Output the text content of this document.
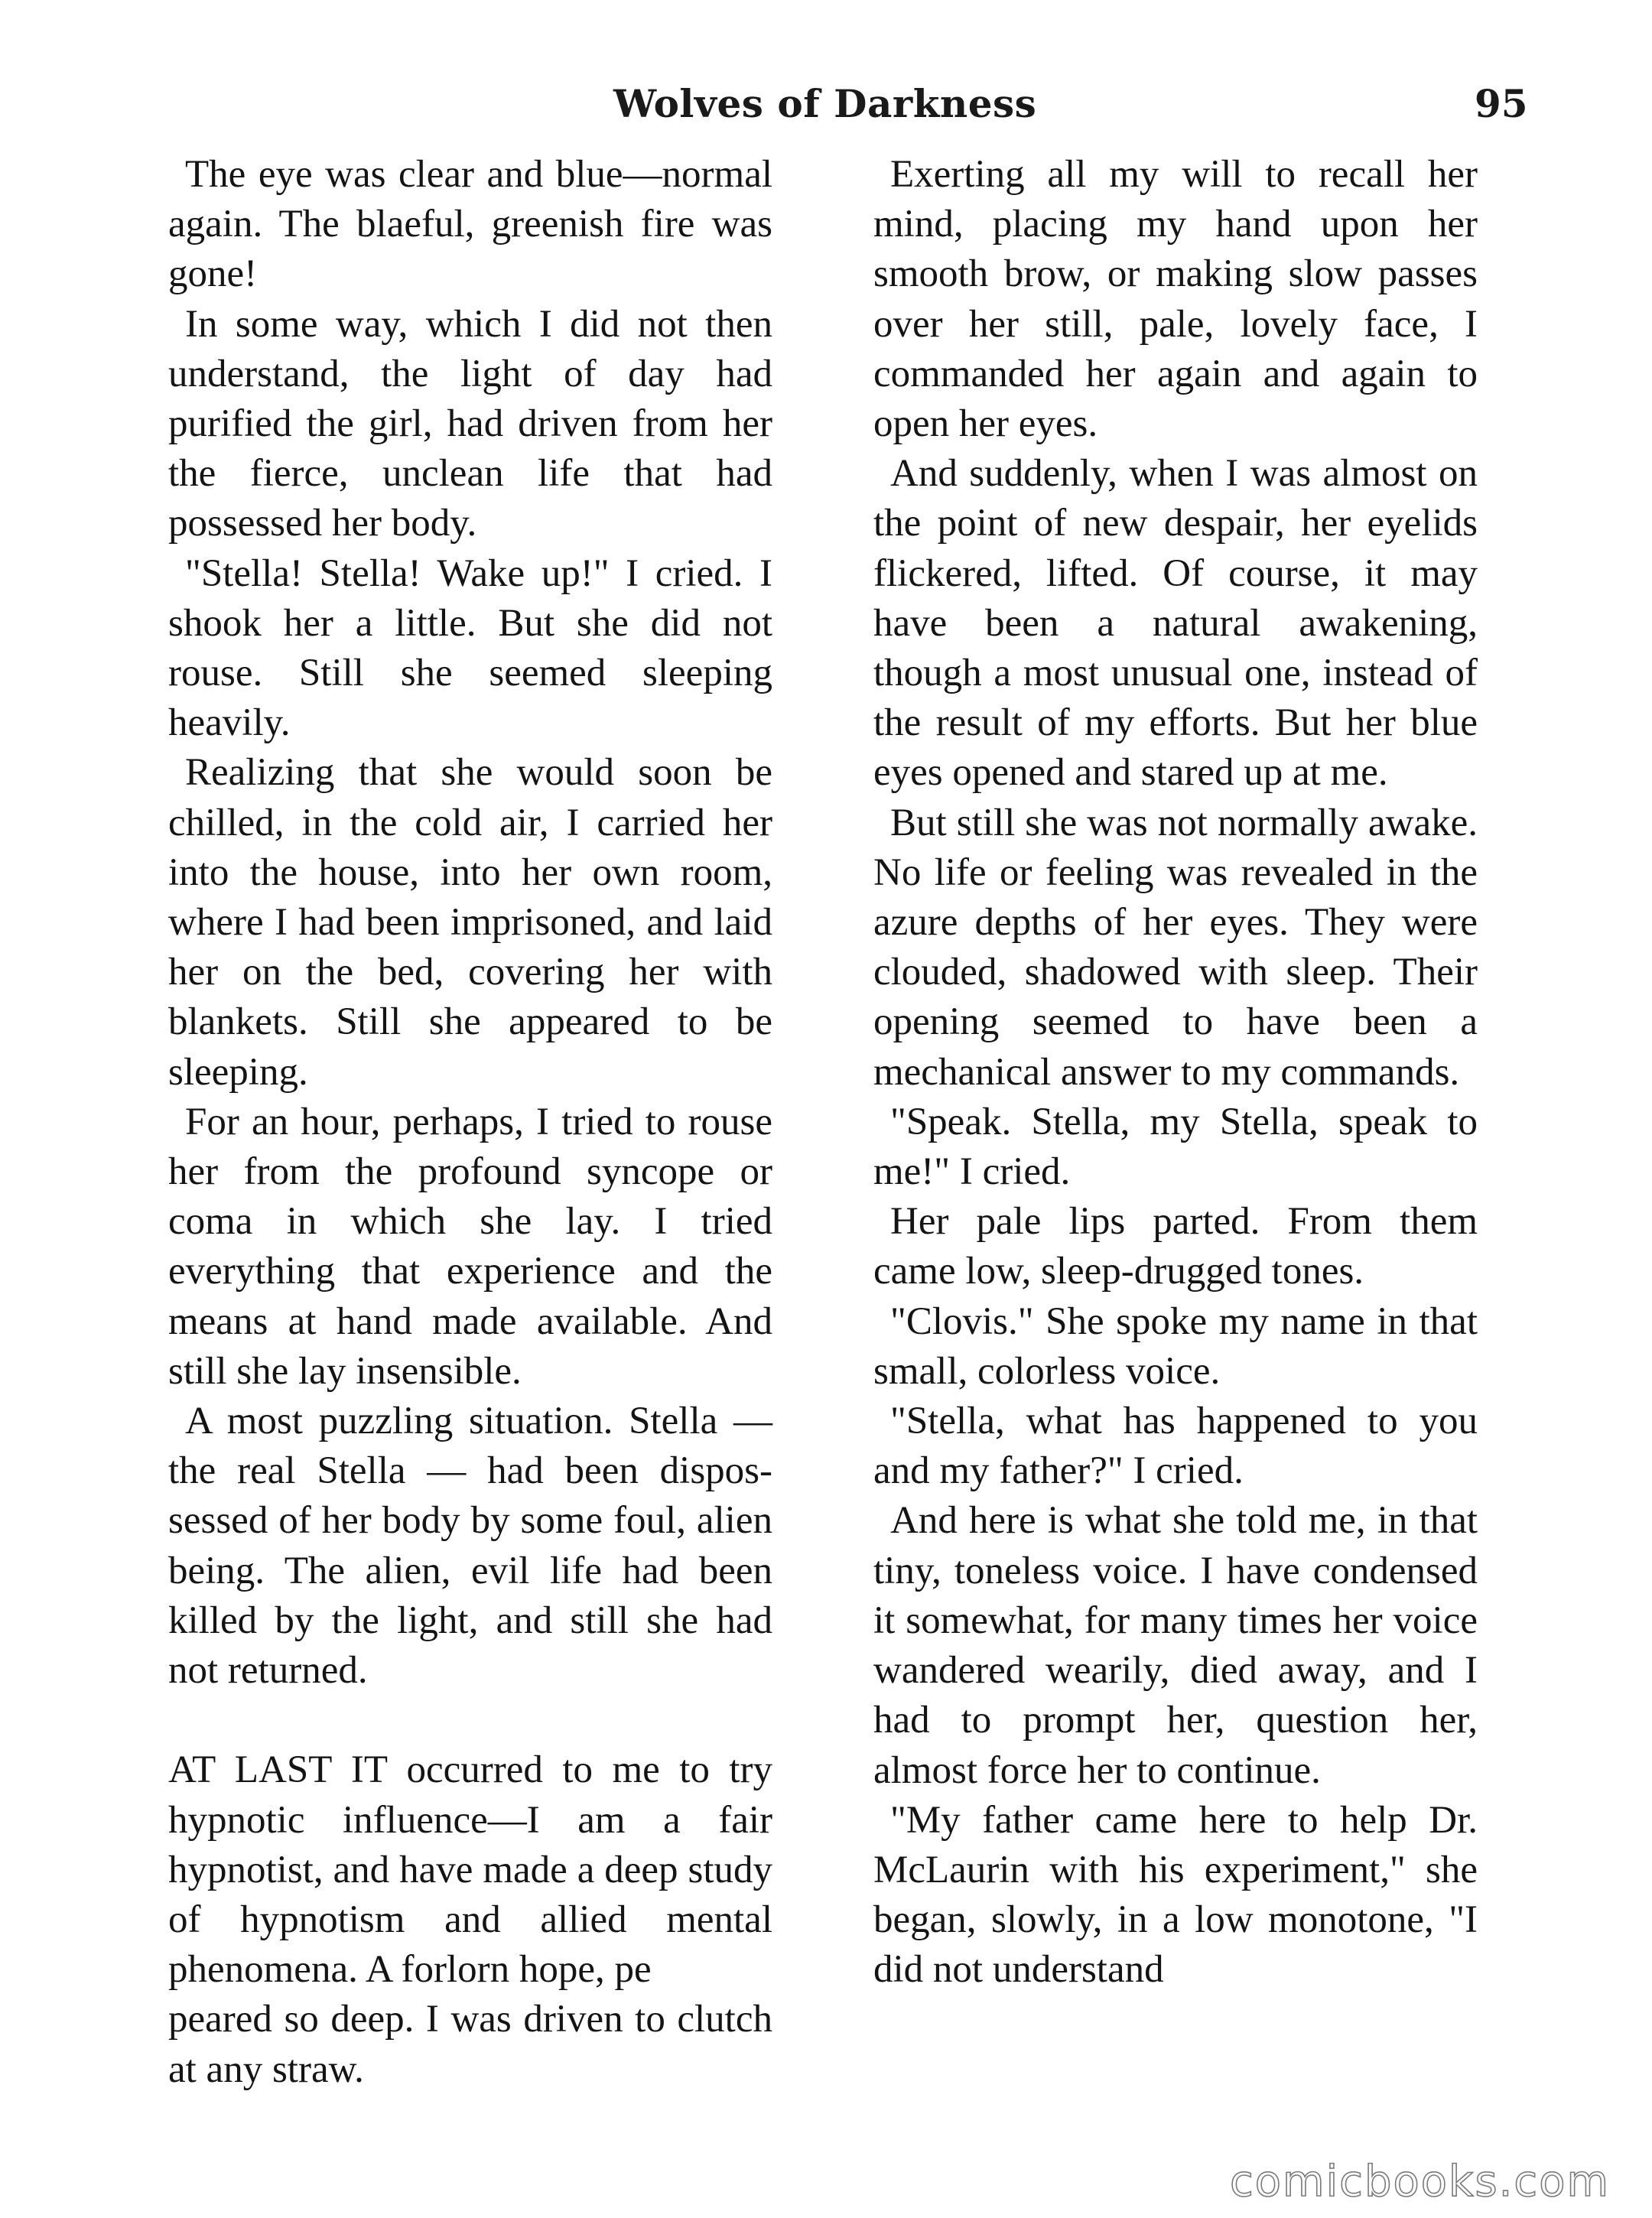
Wolves of Darkness	95

The eye was clear and blue—normal again. The blaeful, greenish fire was gone!

In some way, which I did not then understand, the light of day had purified the girl, had driven from her the fierce, unclean life that had possessed her body.

"Stella! Stella! Wake up!" I cried. I shook her a little. But she did not rouse. Still she seemed sleeping heavily.

Realizing that she would soon be chilled, in the cold air, I carried her into the house, into her own room, where I had been imprisoned, and laid her on the bed, covering her with blankets. Still she appeared to be sleeping.

For an hour, perhaps, I tried to rouse her from the profound syncope or coma in which she lay. I tried everything that experience and the means at hand made available. And still she lay insensible.

A most puzzling situation. Stella — the real Stella — had been dispossessed of her body by some foul, alien being. The alien, evil life had been killed by the light, and still she had not returned.

AT LAST IT occurred to me to try hypnotic influence—I am a fair hypnotist, and have made a deep study of hypnotism and allied mental phenomena. A forlorn hope, pe

peared so deep. I was driven to clutch at any straw.

Exerting all my will to recall her mind, placing my hand upon her smooth brow, or making slow passes over her still, pale, lovely face, I commanded her again and again to open her eyes.

And suddenly, when I was almost on the point of new despair, her eyelids flickered, lifted. Of course, it may have been a natural awakening, though a most unusual one, instead of the result of my efforts. But her blue eyes opened and stared up at me.

But still she was not normally awake. No life or feeling was revealed in the azure depths of her eyes. They were clouded, shadowed with sleep. Their opening seemed to have been a mechanical answer to my commands.

"Speak. Stella, my Stella, speak to me!" I cried.

Her pale lips parted. From them came low, sleep-drugged tones.

"Clovis." She spoke my name in that small, colorless voice.

"Stella, what has happened to you and my father?" I cried.

And here is what she told me, in that tiny, toneless voice. I have condensed it somewhat, for many times her voice wandered wearily, died away, and I had to prompt her, question her, almost force her to continue.

"My father came here to help Dr. McLaurin with his experiment," she began, slowly, in a low monotone, "I did not understand

comicbooks.com
